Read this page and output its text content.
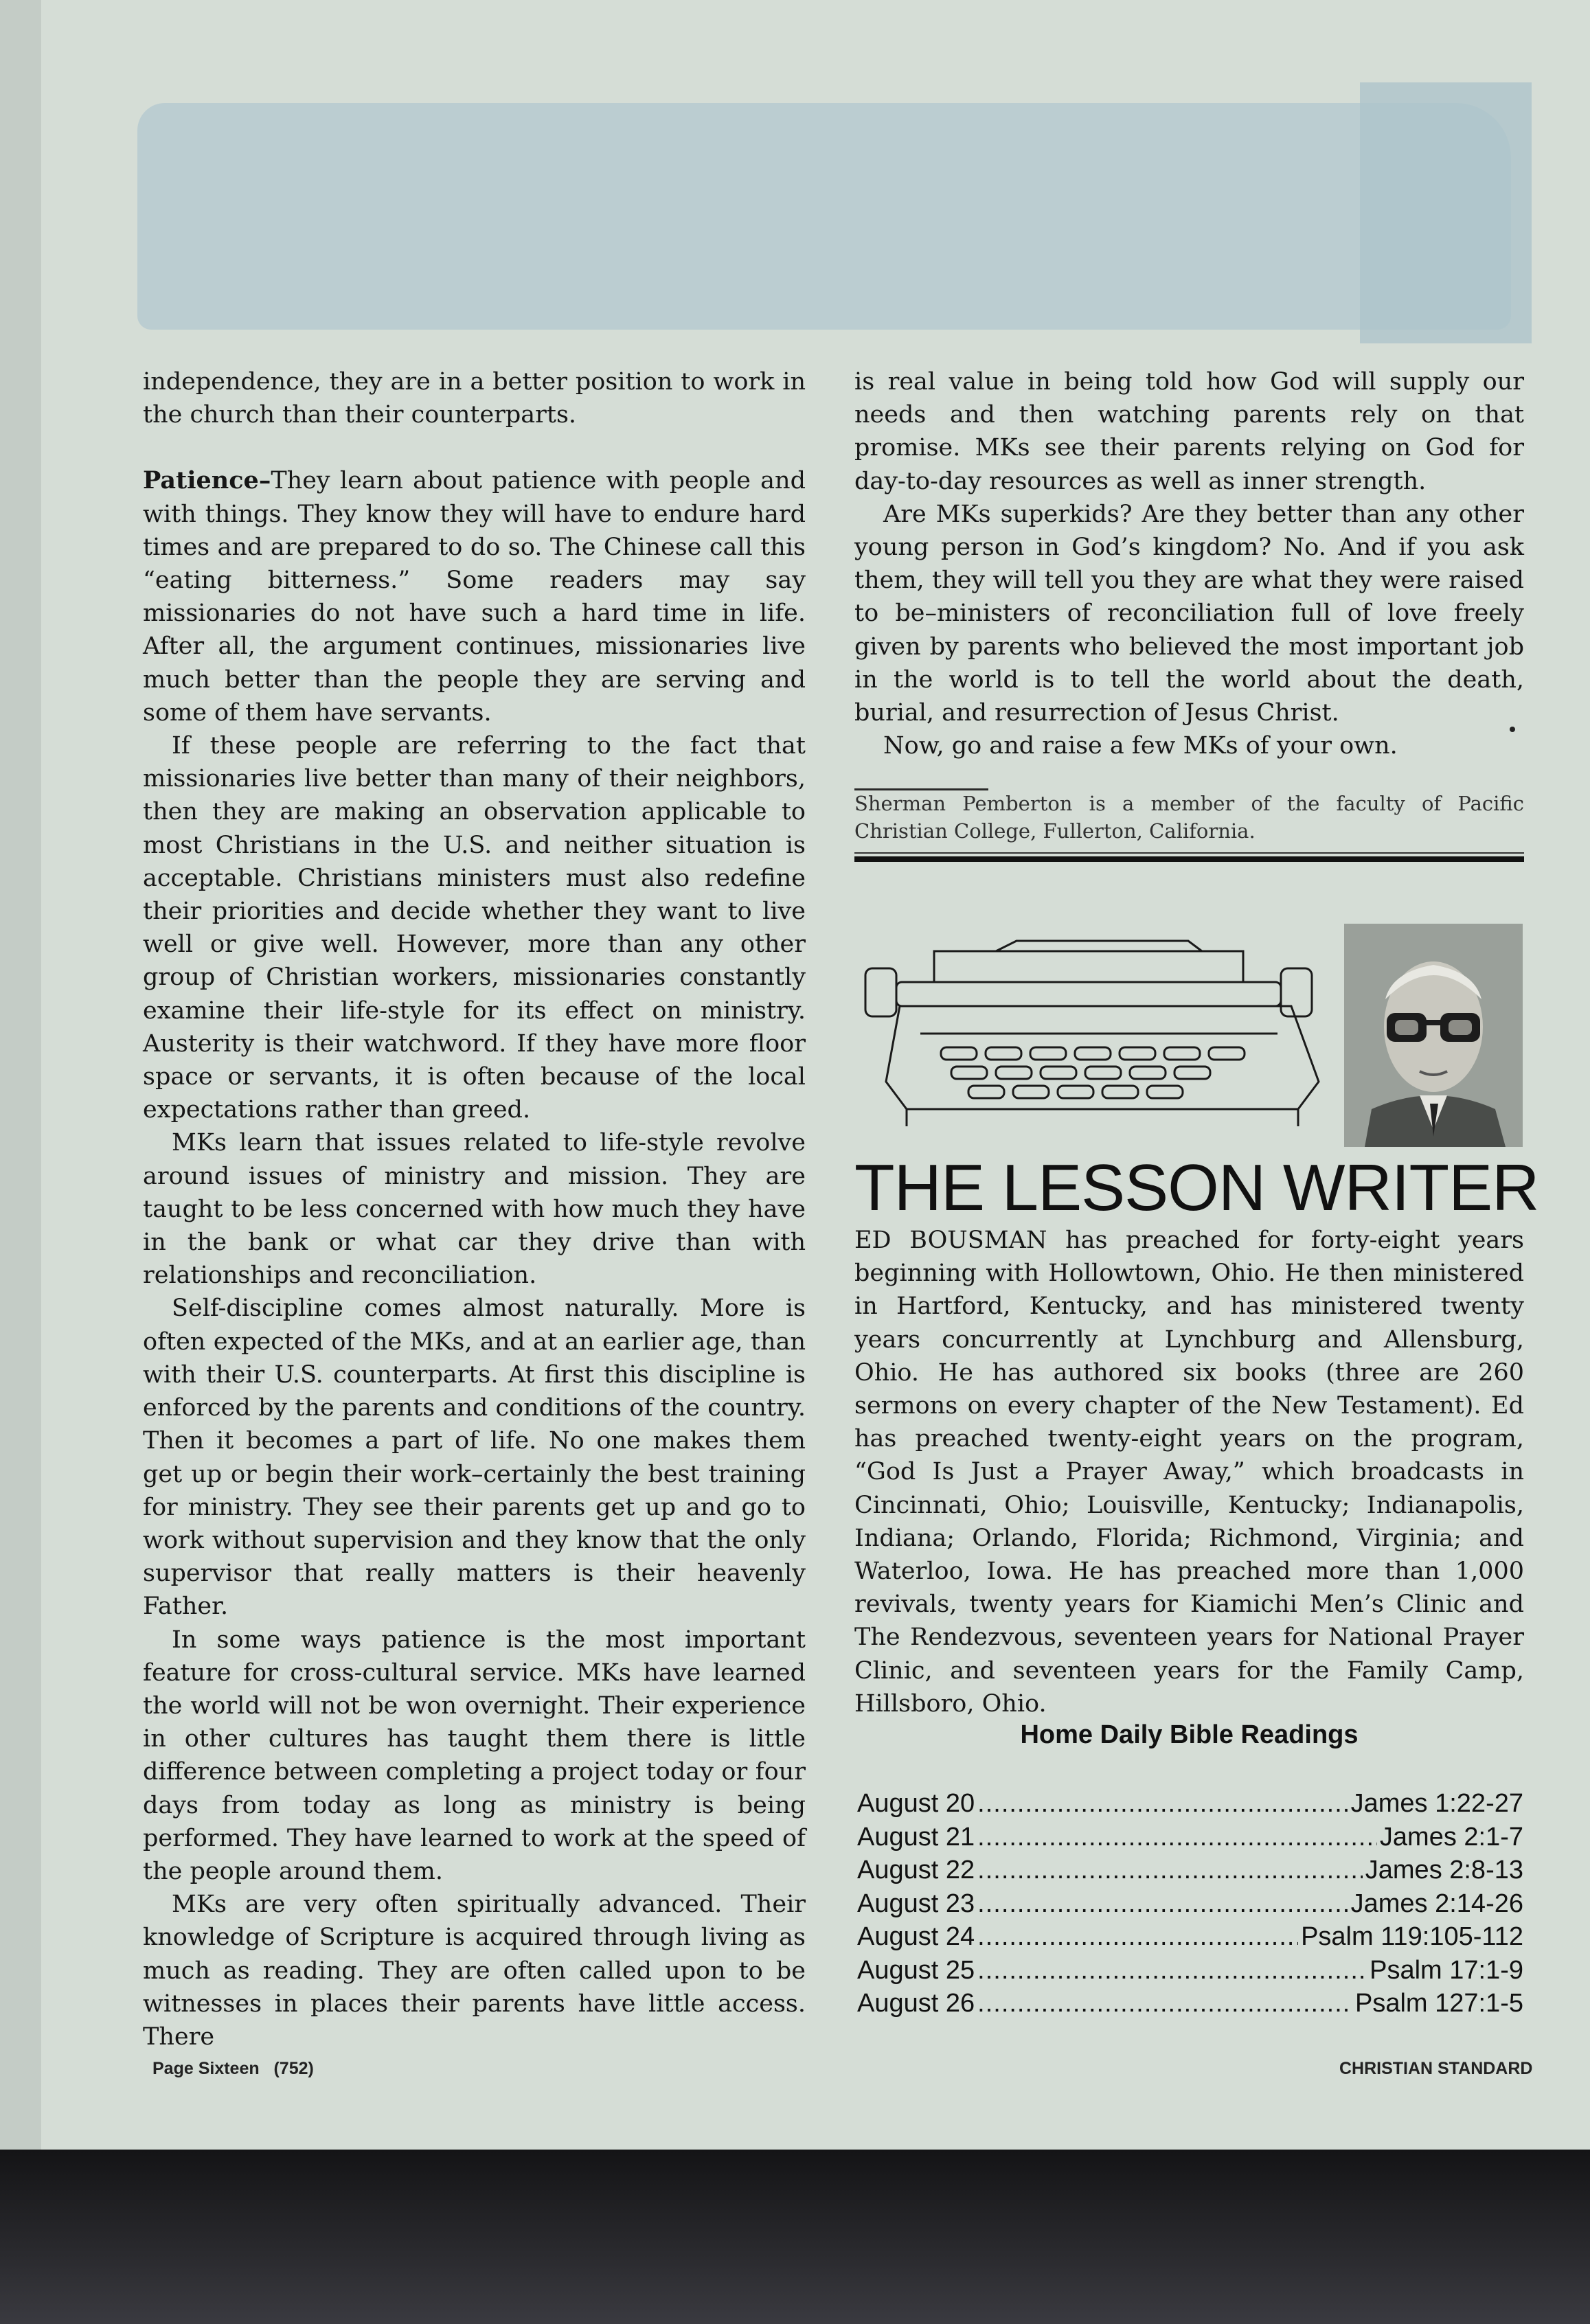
independence, they are in a better position to work in the church than their counterparts.

Patience–They learn about patience with people and with things. They know they will have to endure hard times and are prepared to do so. The Chinese call this “eating bitterness.” Some readers may say missionaries do not have such a hard time in life. After all, the argument continues, missionaries live much better than the people they are serving and some of them have servants.

If these people are referring to the fact that missionaries live better than many of their neighbors, then they are making an observation applicable to most Christians in the U.S. and neither situation is acceptable. Christians ministers must also redefine their priorities and decide whether they want to live well or give well. However, more than any other group of Christian workers, missionaries constantly examine their life-style for its effect on ministry. Austerity is their watchword. If they have more floor space or servants, it is often because of the local expectations rather than greed.

MKs learn that issues related to life-style revolve around issues of ministry and mission. They are taught to be less concerned with how much they have in the bank or what car they drive than with relationships and reconciliation.

Self-discipline comes almost naturally. More is often expected of the MKs, and at an earlier age, than with their U.S. counterparts. At first this discipline is enforced by the parents and conditions of the country. Then it becomes a part of life. No one makes them get up or begin their work–certainly the best training for ministry. They see their parents get up and go to work without supervision and they know that the only supervisor that really matters is their heavenly Father.

In some ways patience is the most important feature for cross-cultural service. MKs have learned the world will not be won overnight. Their experience in other cultures has taught them there is little difference between completing a project today or four days from today as long as ministry is being performed. They have learned to work at the speed of the people around them.

MKs are very often spiritually advanced. Their knowledge of Scripture is acquired through living as much as reading. They are often called upon to be witnesses in places their parents have little access. There

is real value in being told how God will supply our needs and then watching parents rely on that promise. MKs see their parents relying on God for day-to-day resources as well as inner strength.

Are MKs superkids? Are they better than any other young person in God’s kingdom? No. And if you ask them, they will tell you they are what they were raised to be–ministers of reconciliation full of love freely given by parents who believed the most important job in the world is to tell the world about the death, burial, and resurrection of Jesus Christ.

Now, go and raise a few MKs of your own.

Sherman Pemberton is a member of the faculty of Pacific Christian College, Fullerton, California.
THE LESSON WRITER
ED BOUSMAN has preached for forty-eight years beginning with Hollowtown, Ohio. He then ministered in Hartford, Kentucky, and has ministered twenty years concurrently at Lynchburg and Allensburg, Ohio. He has authored six books (three are 260 sermons on every chapter of the New Testament). Ed has preached twenty-eight years on the program, “God Is Just a Prayer Away,” which broadcasts in Cincinnati, Ohio; Louisville, Kentucky; Indianapolis, Indiana; Orlando, Florida; Richmond, Virginia; and Waterloo, Iowa. He has preached more than 1,000 revivals, twenty years for Kiamichi Men’s Clinic and The Rendezvous, seventeen years for National Prayer Clinic, and seventeen years for the Family Camp, Hillsboro, Ohio.
Home Daily Bible Readings
August 20 .....	James 1:22-27
August 21 .....	James 2:1-7
August 22 .....	James 2:8-13
August 23 .....	James 2:14-26
August 24 .....	Psalm 119:105-112
August 25 .....	Psalm 17:1-9
August 26 .....	Psalm 127:1-5
Page Sixteen   (752)	CHRISTIAN STANDARD
